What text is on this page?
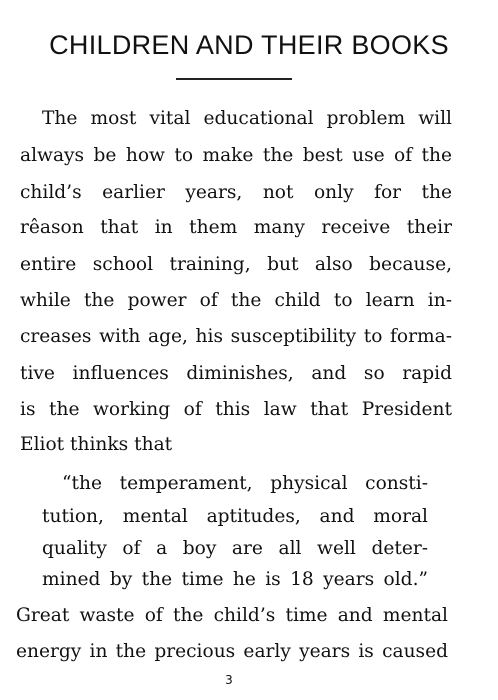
CHILDREN AND THEIR BOOKS
The most vital educational problem will
always be how to make the best use of the
child’s earlier years, not only for the
rêason that in them many receive their
entire school training, but also because,
while the power of the child to learn in-
creases with age, his susceptibility to forma-
tive influences diminishes, and so rapid
is the working of this law that President
Eliot thinks that
“the temperament, physical consti-
tution, mental aptitudes, and moral
quality of a boy are all well deter-
mined by the time he is 18 years old.”
Great waste of the child’s time and mental
energy in the precious early years is caused
3
